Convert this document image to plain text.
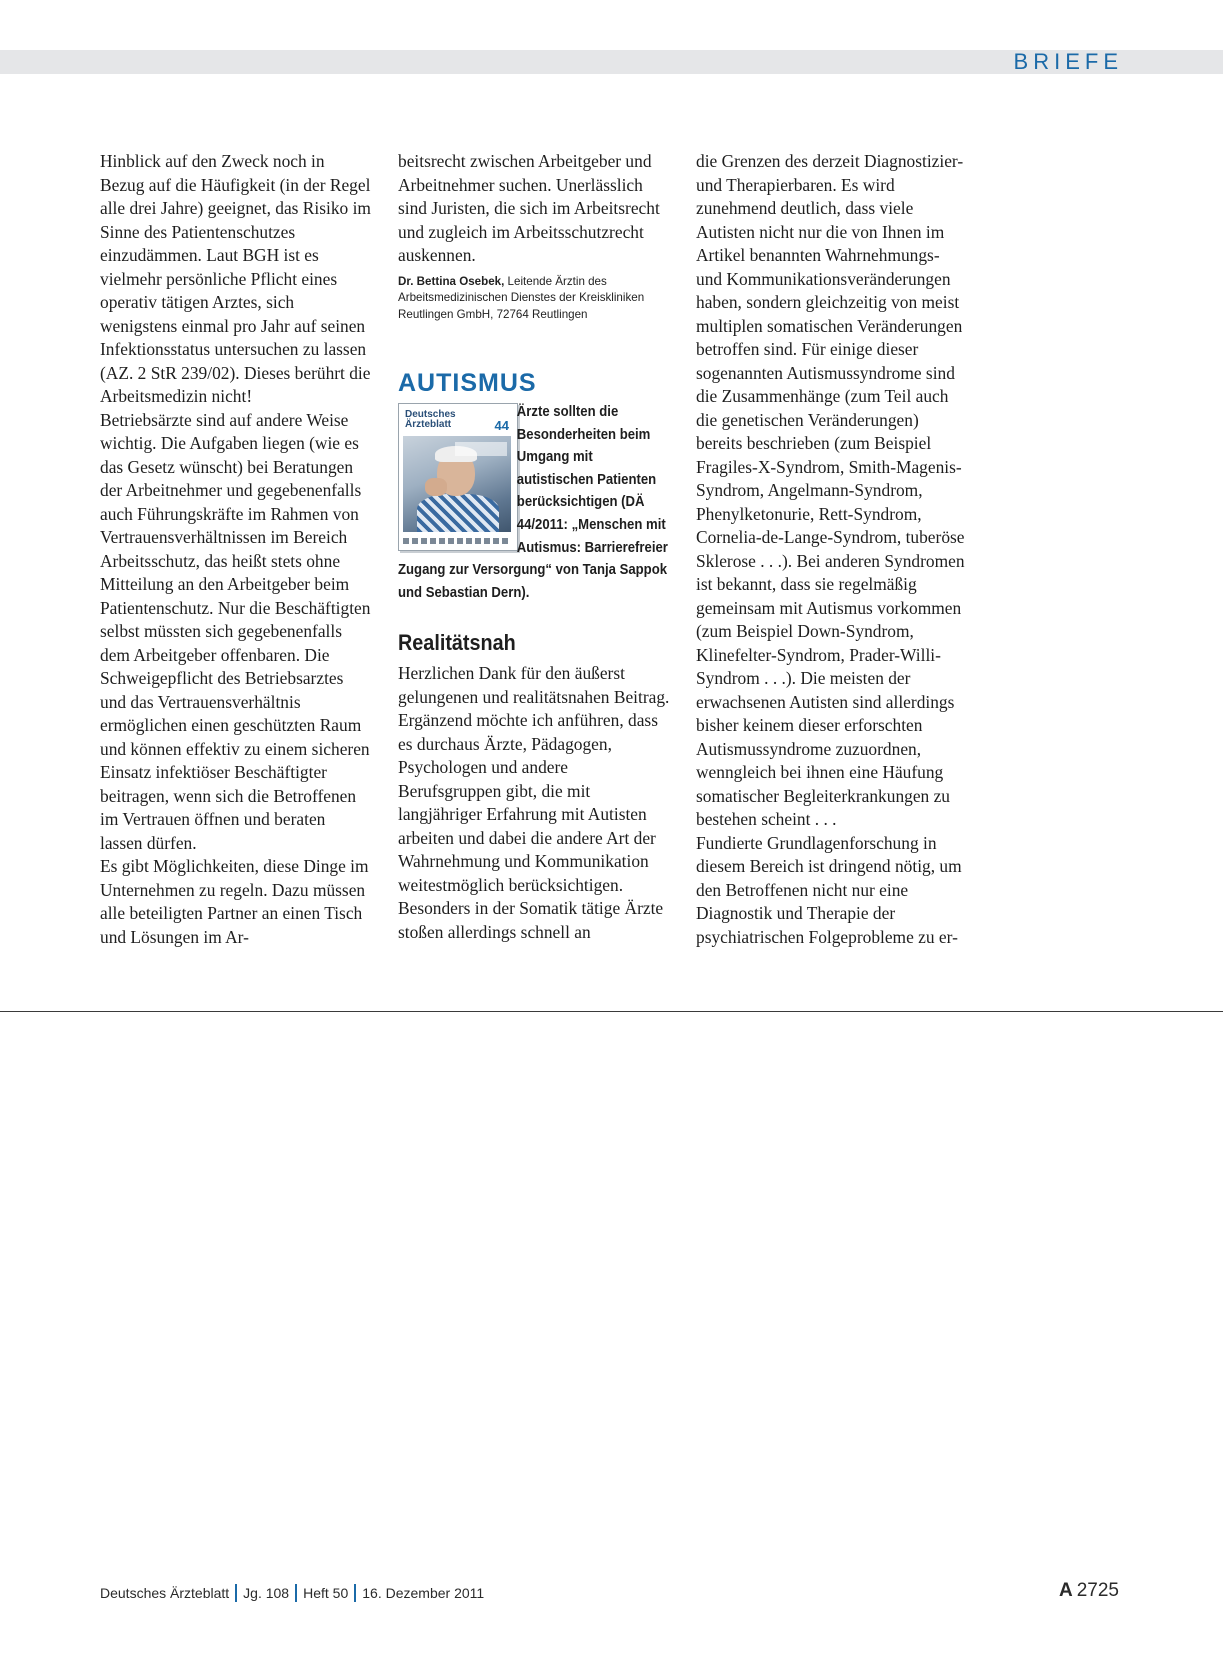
BRIEFE

Hinblick auf den Zweck noch in Bezug auf die Häufigkeit (in der Regel alle drei Jahre) geeignet, das Risiko im Sinne des Patientenschutzes einzudämmen. Laut BGH ist es vielmehr persönliche Pflicht eines operativ tätigen Arztes, sich wenigstens einmal pro Jahr auf seinen Infektionsstatus untersuchen zu lassen (AZ. 2 StR 239/02). Dieses berührt die Arbeitsmedizin nicht!

Betriebsärzte sind auf andere Weise wichtig. Die Aufgaben liegen (wie es das Gesetz wünscht) bei Beratungen der Arbeitnehmer und gegebenenfalls auch Führungskräfte im Rahmen von Vertrauensverhältnissen im Bereich Arbeitsschutz, das heißt stets ohne Mitteilung an den Arbeitgeber beim Patientenschutz. Nur die Beschäftigten selbst müssten sich gegebenenfalls dem Arbeitgeber offenbaren. Die Schweigepflicht des Betriebsarztes und das Vertrauensverhältnis ermöglichen einen geschützten Raum und können effektiv zu einem sicheren Einsatz infektiöser Beschäftigter beitragen, wenn sich die Betroffenen im Vertrauen öffnen und beraten lassen dürfen.

Es gibt Möglichkeiten, diese Dinge im Unternehmen zu regeln. Dazu müssen alle beteiligten Partner an einen Tisch und Lösungen im Ar-

beitsrecht zwischen Arbeitgeber und Arbeitnehmer suchen. Unerlässlich sind Juristen, die sich im Arbeitsrecht und zugleich im Arbeitsschutzrecht auskennen.

Dr. Bettina Osebek, Leitende Ärztin des Arbeitsmedizinischen Dienstes der Kreiskliniken Reutlingen GmbH, 72764 Reutlingen

AUTISMUS

Deutsches Ärzteblatt	44

Ärzte sollten die Besonderheiten beim Umgang mit autistischen Patienten berücksichtigen (DÄ 44/2011: „Menschen mit Autismus: Barrierefreier Zugang zur Versorgung“ von Tanja Sappok und Sebastian Dern).

Realitätsnah

Herzlichen Dank für den äußerst gelungenen und realitätsnahen Beitrag. Ergänzend möchte ich anführen, dass es durchaus Ärzte, Pädagogen, Psychologen und andere Berufsgruppen gibt, die mit langjähriger Erfahrung mit Autisten arbeiten und dabei die andere Art der Wahrnehmung und Kommunikation weitestmöglich berücksichtigen. Besonders in der Somatik tätige Ärzte stoßen allerdings schnell an

die Grenzen des derzeit Diagnostizier- und Therapierbaren. Es wird zunehmend deutlich, dass viele Autisten nicht nur die von Ihnen im Artikel benannten Wahrnehmungs- und Kommunikationsveränderungen haben, sondern gleichzeitig von meist multiplen somatischen Veränderungen betroffen sind. Für einige dieser sogenannten Autismussyndrome sind die Zusammenhänge (zum Teil auch die genetischen Veränderungen) bereits beschrieben (zum Beispiel Fragiles-X-Syndrom, Smith-Magenis-Syndrom, Angelmann-Syndrom, Phenylketonurie, Rett-Syndrom, Cornelia-de-Lange-Syndrom, tuberöse Sklerose . . .). Bei anderen Syndromen ist bekannt, dass sie regelmäßig gemeinsam mit Autismus vorkommen (zum Beispiel Down-Syndrom, Klinefelter-Syndrom, Prader-Willi-Syndrom . . .). Die meisten der erwachsenen Autisten sind allerdings bisher keinem dieser erforschten Autismussyndrome zuzuordnen, wenngleich bei ihnen eine Häufung somatischer Begleiterkrankungen zu bestehen scheint . . .

Fundierte Grundlagenforschung in diesem Bereich ist dringend nötig, um den Betroffenen nicht nur eine Diagnostik und Therapie der psychiatrischen Folgeprobleme zu er-

Deutsches Ärzteblatt Jg. 108 Heft 50 16. Dezember 2011	A 2725
